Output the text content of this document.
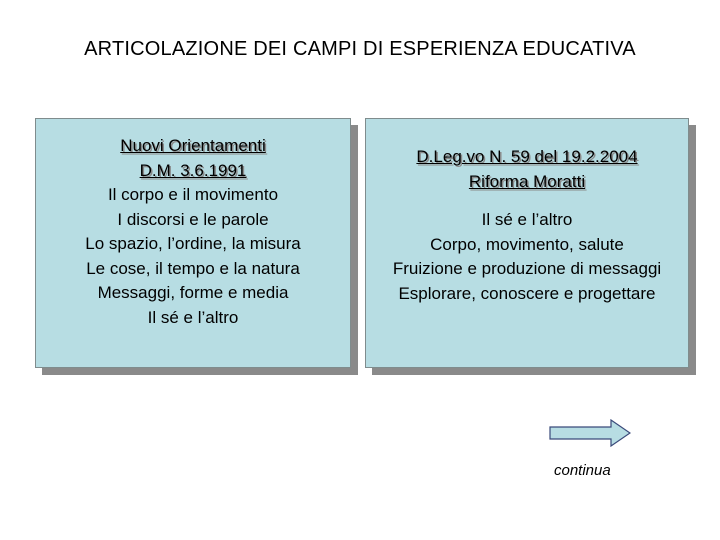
ARTICOLAZIONE DEI CAMPI DI ESPERIENZA EDUCATIVA
Nuovi Orientamenti
D.M. 3.6.1991
Il corpo e il movimento
I discorsi e le parole
Lo spazio, l’ordine, la misura
Le cose, il tempo e la natura
Messaggi, forme e media
Il sé e l’altro
D.Leg.vo N. 59 del 19.2.2004
Riforma Moratti
Il sé e l’altro
Corpo, movimento, salute
Fruizione e produzione di messaggi
Esplorare, conoscere e progettare
continua
